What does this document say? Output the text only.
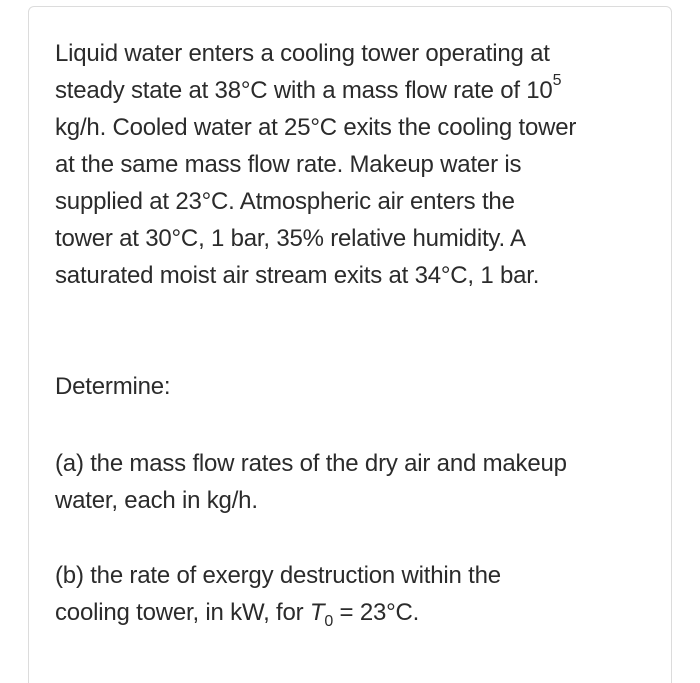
Liquid water enters a cooling tower operating at
steady state at 38°C with a mass flow rate of $10^5$
kg/h. Cooled water at 25°C exits the cooling tower
at the same mass flow rate. Makeup water is
supplied at 23°C. Atmospheric air enters the
tower at 30°C, 1 bar, 35% relative humidity. A
saturated moist air stream exits at 34°C, 1 bar.

Determine:

(a) the mass flow rates of the dry air and makeup
water, each in kg/h.

(b) the rate of exergy destruction within the
cooling tower, in kW, for $T_0 = 23^\circ C$.
